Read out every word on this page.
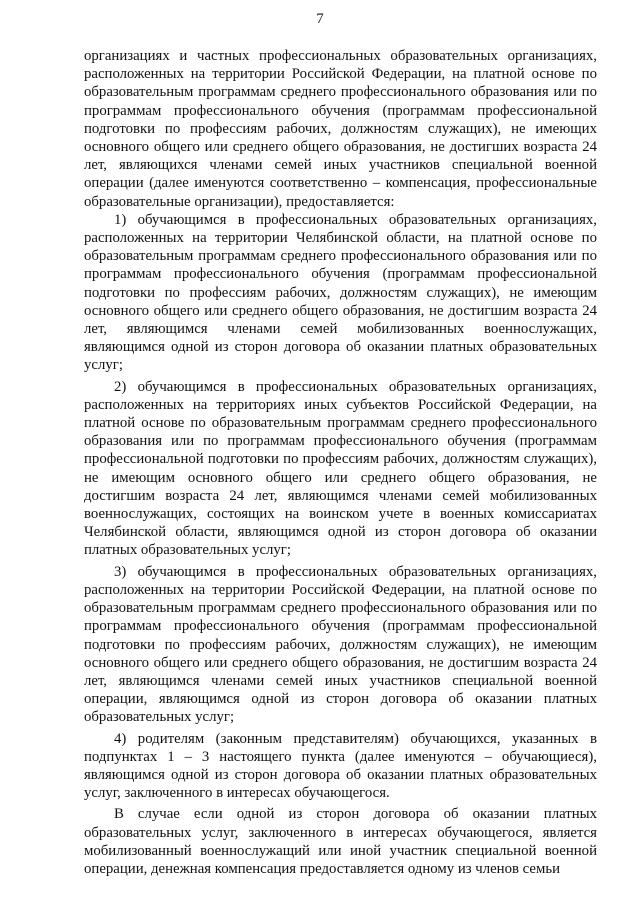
7

организациях и частных профессиональных образовательных организациях, расположенных на территории Российской Федерации, на платной основе по образовательным программам среднего профессионального образования или по программам профессионального обучения (программам профессиональной подготовки по профессиям рабочих, должностям служащих), не имеющих основного общего или среднего общего образования, не достигших возраста 24 лет, являющихся членами семей иных участников специальной военной операции (далее именуются соответственно – компенсация, профессиональные образовательные организации), предоставляется:

1) обучающимся в профессиональных образовательных организациях, расположенных на территории Челябинской области, на платной основе по образовательным программам среднего профессионального образования или по программам профессионального обучения (программам профессиональной подготовки по профессиям рабочих, должностям служащих), не имеющим основного общего или среднего общего образования, не достигшим возраста 24 лет, являющимся членами семей мобилизованных военнослужащих, являющимся одной из сторон договора об оказании платных образовательных услуг;

2) обучающимся в профессиональных образовательных организациях, расположенных на территориях иных субъектов Российской Федерации, на платной основе по образовательным программам среднего профессионального образования или по программам профессионального обучения (программам профессиональной подготовки по профессиям рабочих, должностям служащих), не имеющим основного общего или среднего общего образования, не достигшим возраста 24 лет, являющимся членами семей мобилизованных военнослужащих, состоящих на воинском учете в военных комиссариатах Челябинской области, являющимся одной из сторон договора об оказании платных образовательных услуг;

3) обучающимся в профессиональных образовательных организациях, расположенных на территории Российской Федерации, на платной основе по образовательным программам среднего профессионального образования или по программам профессионального обучения (программам профессиональной подготовки по профессиям рабочих, должностям служащих), не имеющим основного общего или среднего общего образования, не достигшим возраста 24 лет, являющимся членами семей иных участников специальной военной операции, являющимся одной из сторон договора об оказании платных образовательных услуг;

4) родителям (законным представителям) обучающихся, указанных в подпунктах 1 – 3 настоящего пункта (далее именуются – обучающиеся), являющимся одной из сторон договора об оказании платных образовательных услуг, заключенного в интересах обучающегося.

В случае если одной из сторон договора об оказании платных образовательных услуг, заключенного в интересах обучающегося, является мобилизованный военнослужащий или иной участник специальной военной операции, денежная компенсация предоставляется одному из членов семьи
